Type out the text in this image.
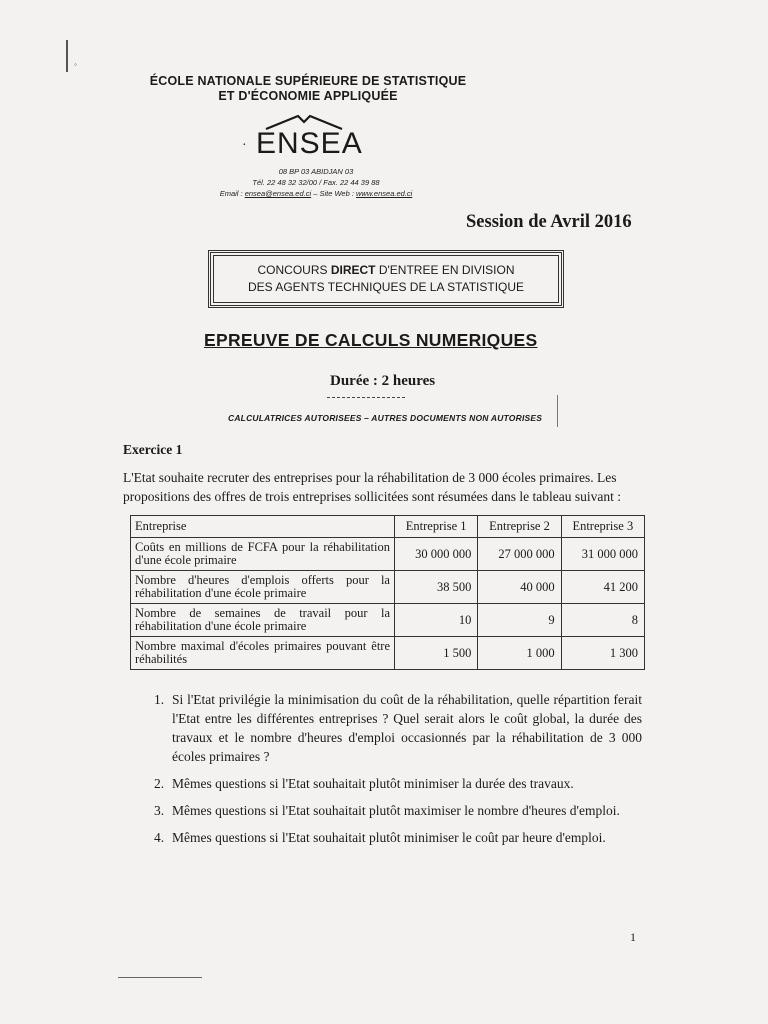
◦
ÉCOLE NATIONALE SUPÉRIEURE DE STATISTIQUE
ET D'ÉCONOMIE APPLIQUÉE
· ENSEA
08 BP 03 ABIDJAN 03
Tél. 22 48 32 32/00 / Fax. 22 44 39 88
Email : ensea@ensea.ed.ci – Site Web : www.ensea.ed.ci
Session de Avril 2016
CONCOURS DIRECT D'ENTREE EN DIVISION
DES AGENTS TECHNIQUES DE LA STATISTIQUE
EPREUVE DE CALCULS NUMERIQUES
Durée : 2 heures
CALCULATRICES AUTORISEES – AUTRES DOCUMENTS NON AUTORISES
Exercice 1
L'Etat souhaite recruter des entreprises pour la réhabilitation de 3 000 écoles primaires. Les propositions des offres de trois entreprises sollicitées sont résumées dans le tableau suivant :
Entreprise	Entreprise 1	Entreprise 2	Entreprise 3
Coûts en millions de FCFA pour la réhabilitation d'une école primaire	30 000 000	27 000 000	31 000 000
Nombre d'heures d'emplois offerts pour la réhabilitation d'une école primaire	38 500	40 000	41 200
Nombre de semaines de travail pour la réhabilitation d'une école primaire	10	9	8
Nombre maximal d'écoles primaires pouvant être réhabilités	1 500	1 000	1 300
1. Si l'Etat privilégie la minimisation du coût de la réhabilitation, quelle répartition ferait l'Etat entre les différentes entreprises ? Quel serait alors le coût global, la durée des travaux et le nombre d'heures d'emploi occasionnés par la réhabilitation de 3 000 écoles primaires ?
2. Mêmes questions si l'Etat souhaitait plutôt minimiser la durée des travaux.
3. Mêmes questions si l'Etat souhaitait plutôt maximiser le nombre d'heures d'emploi.
4. Mêmes questions si l'Etat souhaitait plutôt minimiser le coût par heure d'emploi.
1
